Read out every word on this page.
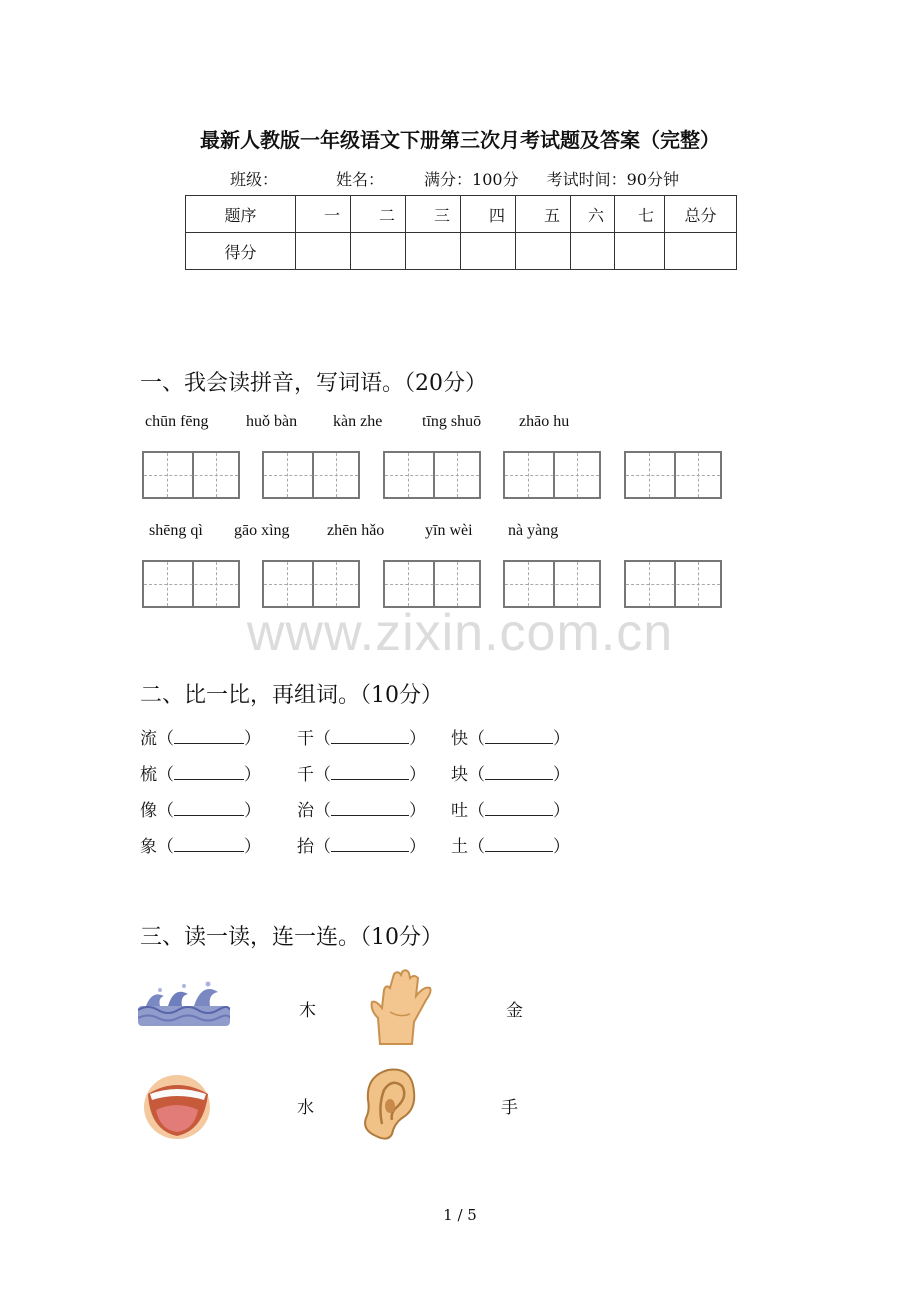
最新人教版一年级语文下册第三次月考试题及答案（完整）
班级：	姓名：	满分：100分 考试时间：90分钟
题序	一	二	三	四	五	六	七	总分
得分								
一、我会读拼音，写词语。（20分）
chūn fēng huǒ bàn kàn zhe tīng shuō zhāo hu
shēng qì gāo xìng zhēn hǎo	yīn wèi nà yàng
www.zixin.com.cn
二、比一比，再组词。（10分）
流（	） 干（	） 快（	）
梳（	） 千（	） 块（	）
像（	） 治（	） 吐（	）
象（	） 抬（	） 土（	）
三、读一读，连一连。（10分）
木	金
水	手
1 / 5
